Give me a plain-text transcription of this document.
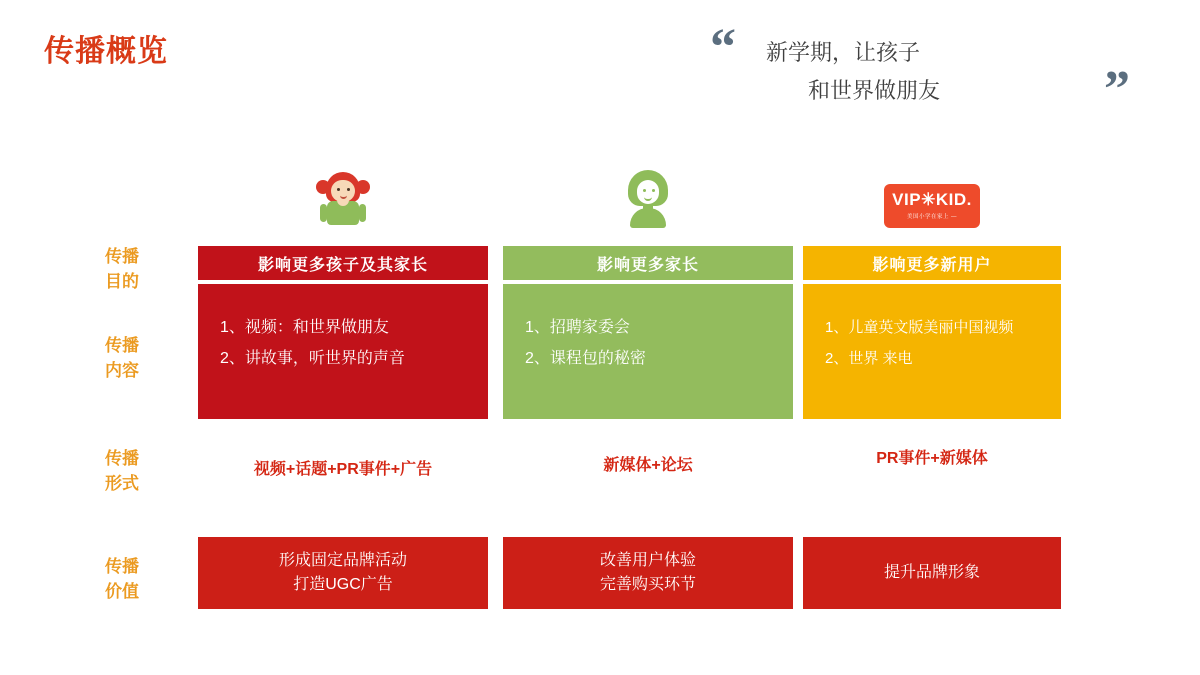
传播概览	“ 新学期，让孩子
和世界做朋友	”
传播
目的
传播
内容
传播
形式
传播
价值
影响更多孩子及其家长
1、视频：和世界做朋友
2、讲故事，听世界的声音
视频+话题+PR事件+广告
形成固定品牌活动
打造UGC广告
影响更多家长
1、招聘家委会
2、课程包的秘密
新媒体+论坛
改善用户体验
完善购买环节
VIP✳KID.
美国小学在家上 —
影响更多新用户
1、儿童英文版美丽中国视频
2、世界 来电
PR事件+新媒体
提升品牌形象
